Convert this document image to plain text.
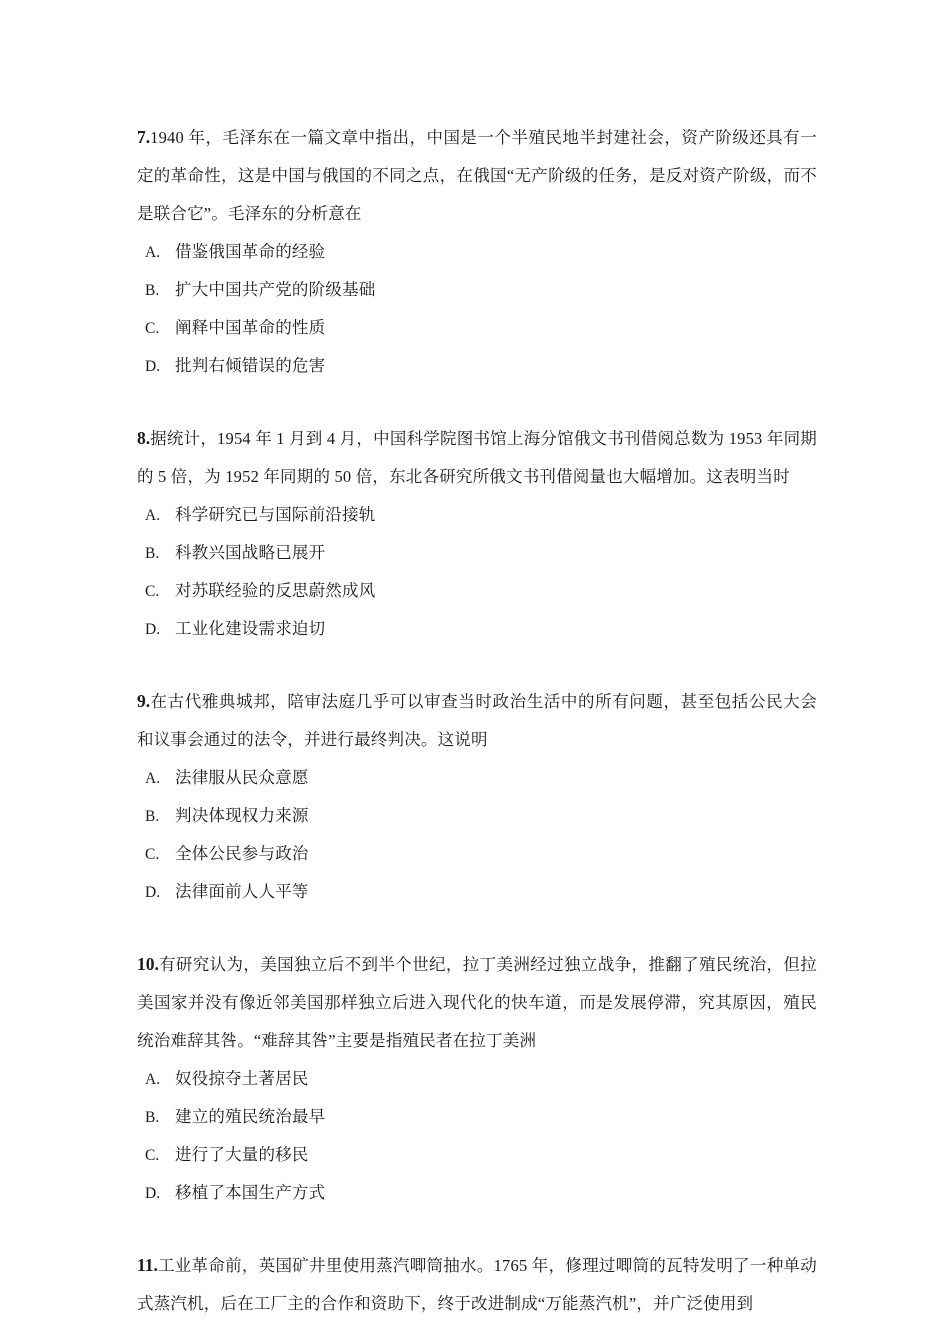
7.1940 年，毛泽东在一篇文章中指出，中国是一个半殖民地半封建社会，资产阶级还具有一定的革命性，这是中国与俄国的不同之点，在俄国“无产阶级的任务，是反对资产阶级，而不是联合它”。毛泽东的分析意在

A. 借鉴俄国革命的经验
B. 扩大中国共产党的阶级基础
C. 阐释中国革命的性质
D. 批判右倾错误的危害

8.据统计，1954 年 1 月到 4 月，中国科学院图书馆上海分馆俄文书刊借阅总数为 1953 年同期的 5 倍，为 1952 年同期的 50 倍，东北各研究所俄文书刊借阅量也大幅增加。这表明当时

A. 科学研究已与国际前沿接轨
B. 科教兴国战略已展开
C. 对苏联经验的反思蔚然成风
D. 工业化建设需求迫切

9.在古代雅典城邦，陪审法庭几乎可以审查当时政治生活中的所有问题，甚至包括公民大会和议事会通过的法令，并进行最终判决。这说明

A. 法律服从民众意愿
B. 判决体现权力来源
C. 全体公民参与政治
D. 法律面前人人平等

10.有研究认为，美国独立后不到半个世纪，拉丁美洲经过独立战争，推翻了殖民统治，但拉美国家并没有像近邻美国那样独立后进入现代化的快车道，而是发展停滞，究其原因，殖民统治难辞其咎。“难辞其咎”主要是指殖民者在拉丁美洲

A. 奴役掠夺土著居民
B. 建立的殖民统治最早
C. 进行了大量的移民
D. 移植了本国生产方式

11.工业革命前，英国矿井里使用蒸汽唧筒抽水。1765 年，修理过唧筒的瓦特发明了一种单动式蒸汽机，后在工厂主的合作和资助下，终于改进制成“万能蒸汽机”，并广泛使用到
